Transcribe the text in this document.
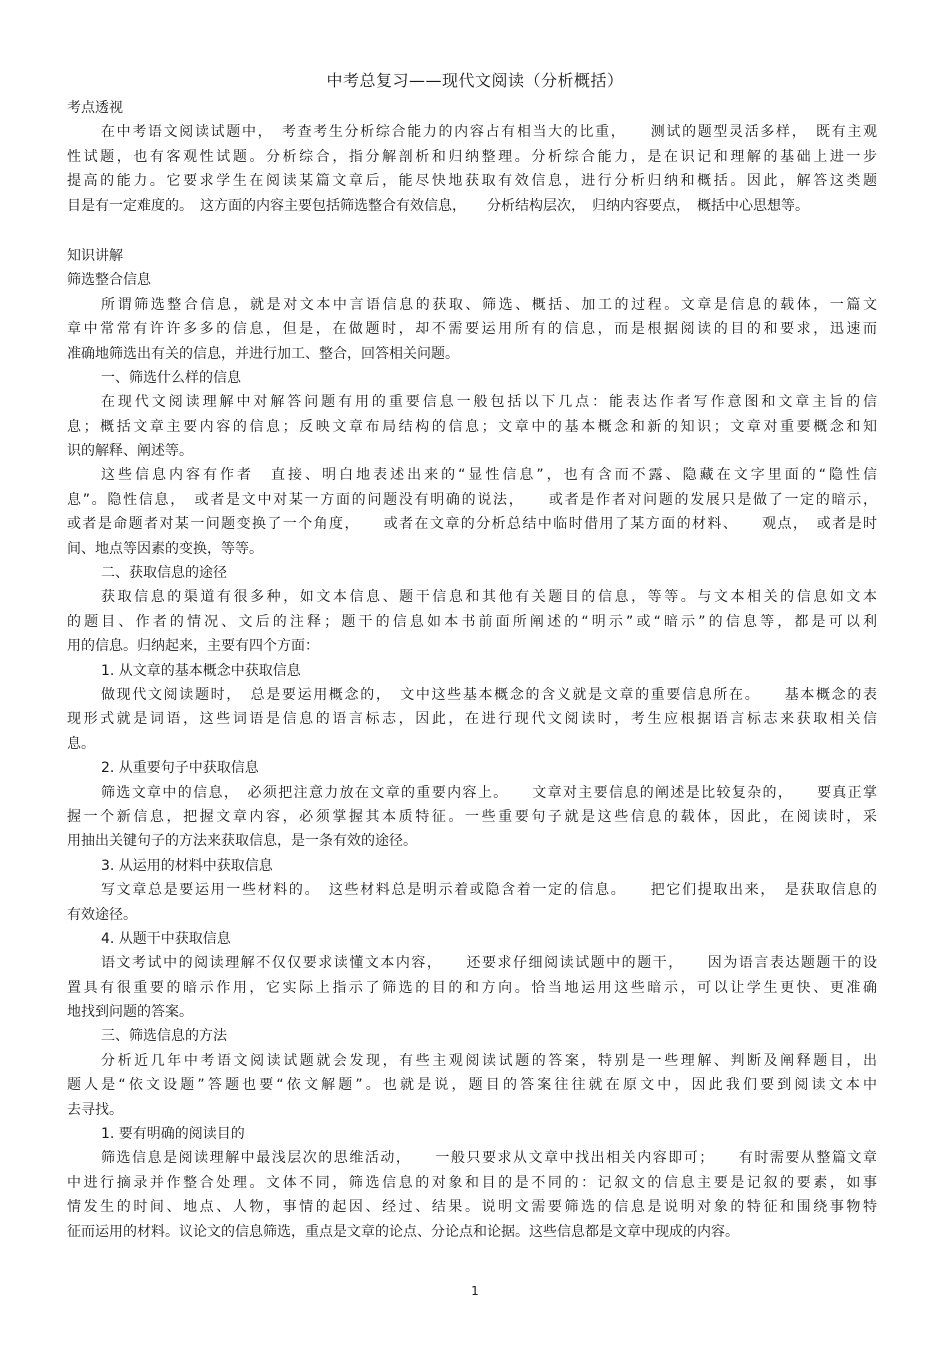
中考总复习——现代文阅读（分析概括）
考点透视
在中考语文阅读试题中，　考查考生分析综合能力的内容占有相当大的比重，　　测试的题型灵活多样，　既有主观
性试题，也有客观性试题。分析综合，指分解剖析和归纳整理。分析综合能力，是在识记和理解的基础上进一步
提高的能力。它要求学生在阅读某篇文章后，能尽快地获取有效信息，进行分析归纳和概括。因此，解答这类题
目是有一定难度的。　这方面的内容主要包括筛选整合有效信息，　　分析结构层次，　归纳内容要点，　概括中心思想等。
知识讲解
筛选整合信息
所谓筛选整合信息，就是对文本中言语信息的获取、筛选、概括、加工的过程。文章是信息的载体，一篇文
章中常常有许许多多的信息，但是，在做题时，却不需要运用所有的信息，而是根据阅读的目的和要求，迅速而
准确地筛选出有关的信息，并进行加工、整合，回答相关问题。
一、筛选什么样的信息
在现代文阅读理解中对解答问题有用的重要信息一般包括以下几点：能表达作者写作意图和文章主旨的信
息；概括文章主要内容的信息；反映文章布局结构的信息；文章中的基本概念和新的知识；文章对重要概念和知
识的解释、阐述等。
这些信息内容有作者　直接、明白地表述出来的“显性信息”，也有含而不露、隐藏在文字里面的“隐性信
息”。隐性信息，　或者是文中对某一方面的问题没有明确的说法，　　或者是作者对问题的发展只是做了一定的暗示，
或者是命题者对某一问题变换了一个角度，　　或者在文章的分析总结中临时借用了某方面的材料、　　观点，　或者是时
间、地点等因素的变换，等等。
二、获取信息的途径
获取信息的渠道有很多种，如文本信息、题干信息和其他有关题目的信息，等等。与文本相关的信息如文本
的题目、作者的情况、文后的注释；题干的信息如本书前面所阐述的“明示”或“暗示”的信息等，都是可以利
用的信息。归纳起来，主要有四个方面：
1. 从文章的基本概念中获取信息
做现代文阅读题时，　总是要运用概念的，　文中这些基本概念的含义就是文章的重要信息所在。　　基本概念的表
现形式就是词语，这些词语是信息的语言标志，因此，在进行现代文阅读时，考生应根据语言标志来获取相关信
息。
2. 从重要句子中获取信息
筛选文章中的信息，　必须把注意力放在文章的重要内容上。　　文章对主要信息的阐述是比较复杂的，　　要真正掌
握一个新信息，把握文章内容，必须掌握其本质特征。一些重要句子就是这些信息的载体，因此，在阅读时，采
用抽出关键句子的方法来获取信息，是一条有效的途径。
3. 从运用的材料中获取信息
写文章总是要运用一些材料的。　这些材料总是明示着或隐含着一定的信息。　　把它们提取出来，　是获取信息的
有效途径。
4. 从题干中获取信息
语文考试中的阅读理解不仅仅要求读懂文本内容，　　还要求仔细阅读试题中的题干，　　因为语言表达题题干的设
置具有很重要的暗示作用，它实际上指示了筛选的目的和方向。恰当地运用这些暗示，可以让学生更快、更准确
地找到问题的答案。
三、筛选信息的方法
分析近几年中考语文阅读试题就会发现，有些主观阅读试题的答案，特别是一些理解、判断及阐释题目，出
题人是“依文设题”答题也要“依文解题”。也就是说，题目的答案往往就在原文中，因此我们要到阅读文本中
去寻找。
1. 要有明确的阅读目的
筛选信息是阅读理解中最浅层次的思维活动，　　一般只要求从文章中找出相关内容即可；　　有时需要从整篇文章
中进行摘录并作整合处理。文体不同，筛选信息的对象和目的是不同的：记叙文的信息主要是记叙的要素，如事
情发生的时间、地点、人物，事情的起因、经过、结果。说明文需要筛选的信息是说明对象的特征和围绕事物特
征而运用的材料。议论文的信息筛选，重点是文章的论点、分论点和论据。这些信息都是文章中现成的内容。
1
